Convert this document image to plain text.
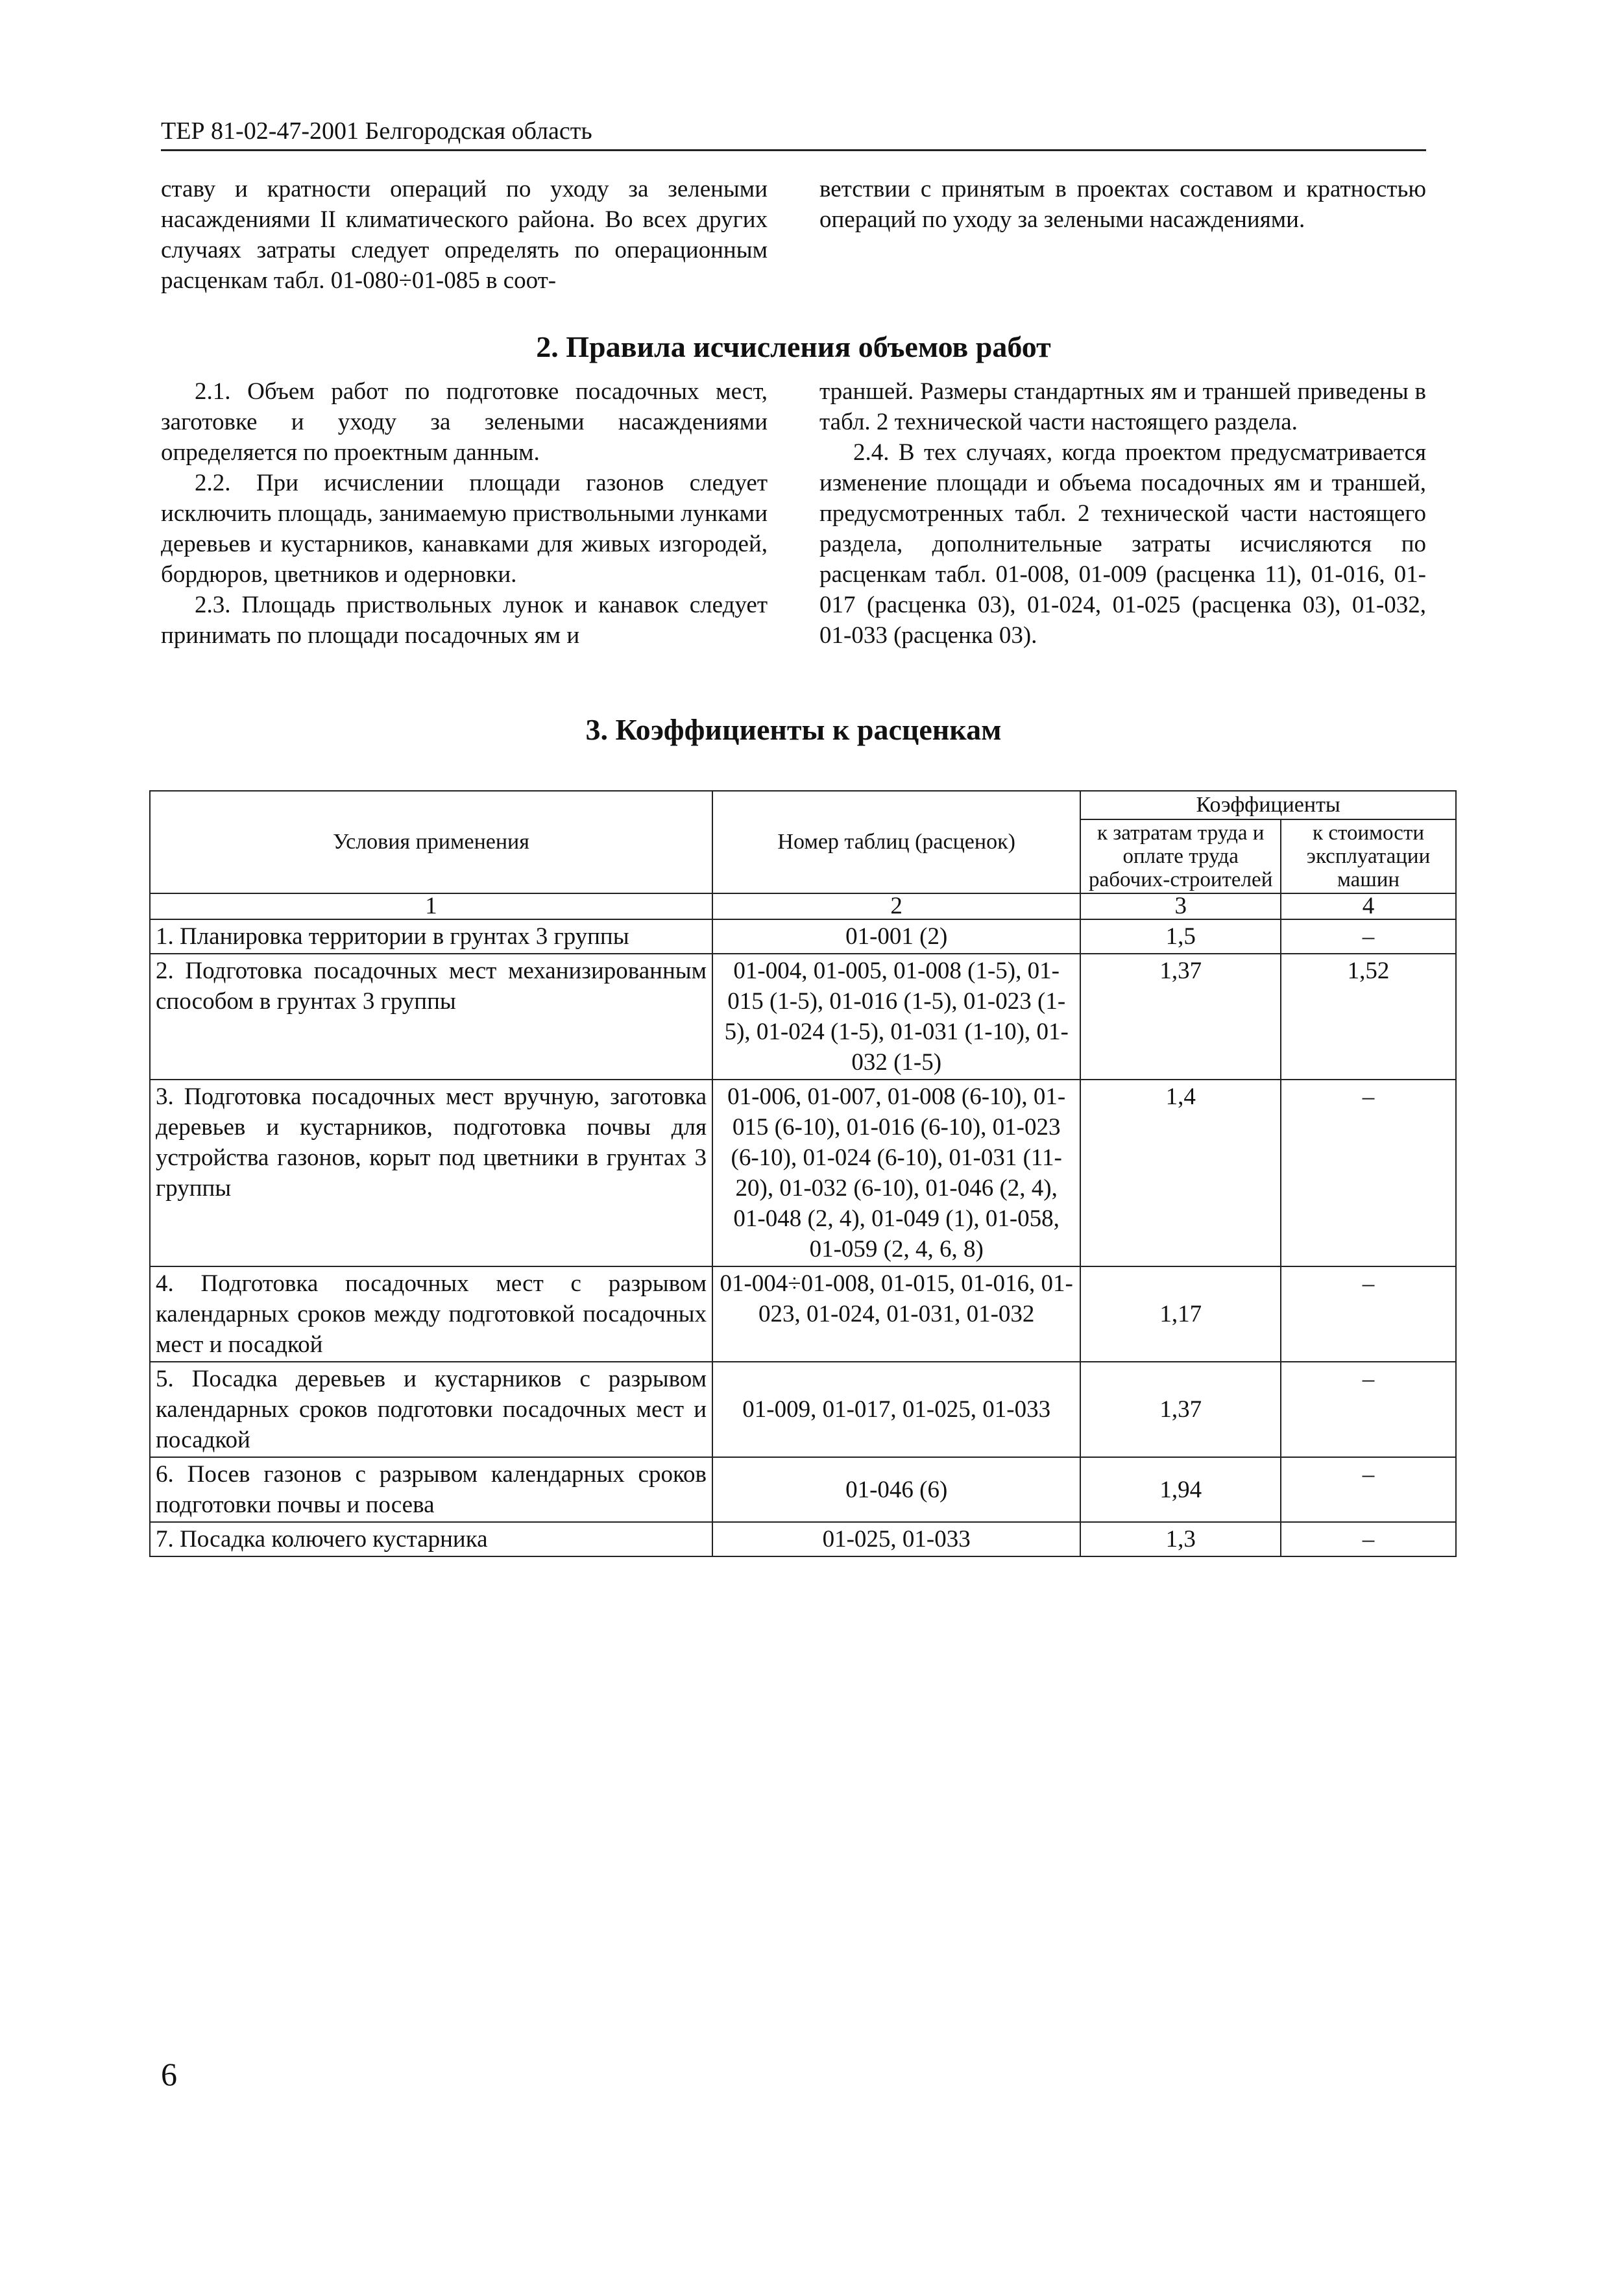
ТЕР 81-02-47-2001 Белгородская область

ставу и кратности операций по уходу за зелеными насаждениями II климатического района. Во всех других случаях затраты следует определять по операционным расценкам табл. 01-080÷01-085 в соот-

ветствии с принятым в проектах составом и кратностью операций по уходу за зелеными насаждениями.

2. Правила исчисления объемов работ

2.1. Объем работ по подготовке посадочных мест, заготовке и уходу за зелеными насаждениями определяется по проектным данным.

2.2. При исчислении площади газонов следует исключить площадь, занимаемую приствольными лунками деревьев и кустарников, канавками для живых изгородей, бордюров, цветников и одерновки.

2.3. Площадь приствольных лунок и канавок следует принимать по площади посадочных ям и

траншей. Размеры стандартных ям и траншей приведены в табл. 2 технической части настоящего раздела.

2.4. В тех случаях, когда проектом предусматривается изменение площади и объема посадочных ям и траншей, предусмотренных табл. 2 технической части настоящего раздела, дополнительные затраты исчисляются по расценкам табл. 01-008, 01-009 (расценка 11), 01-016, 01-017 (расценка 03), 01-024, 01-025 (расценка 03), 01-032, 01-033 (расценка 03).

3. Коэффициенты к расценкам
Условия применения	Номер таблиц (расценок)	Коэффициенты	
		к затратам труда и оплате труда рабочих-строителей	к стоимости эксплуатации машин
1	2	3	4
1. Планировка территории в грунтах 3 группы	01-001 (2)	1,5	–
2. Подготовка посадочных мест механизированным способом в грунтах 3 группы	01-004, 01-005, 01-008 (1-5), 01-015 (1-5), 01-016 (1-5), 01-023 (1-5), 01-024 (1-5), 01-031 (1-10), 01-032 (1-5)	1,37	1,52
3. Подготовка посадочных мест вручную, заготовка деревьев и кустарников, подготовка почвы для устройства газонов, корыт под цветники в грунтах 3 группы	01-006, 01-007, 01-008 (6-10), 01-015 (6-10), 01-016 (6-10), 01-023 (6-10), 01-024 (6-10), 01-031 (11-20), 01-032 (6-10), 01-046 (2, 4), 01-048 (2, 4), 01-049 (1), 01-058, 01-059 (2, 4, 6, 8)	1,4	–
4. Подготовка посадочных мест с разрывом календарных сроков между подготовкой посадочных мест и посадкой	01-004÷01-008, 01-015, 01-016, 01-023, 01-024, 01-031, 01-032	1,17	–
5. Посадка деревьев и кустарников с разрывом календарных сроков подготовки посадочных мест и посадкой	01-009, 01-017, 01-025, 01-033	1,37	–
6. Посев газонов с разрывом календарных сроков подготовки почвы и посева	01-046 (6)	1,94	–
7. Посадка колючего кустарника	01-025, 01-033	1,3	–
6
